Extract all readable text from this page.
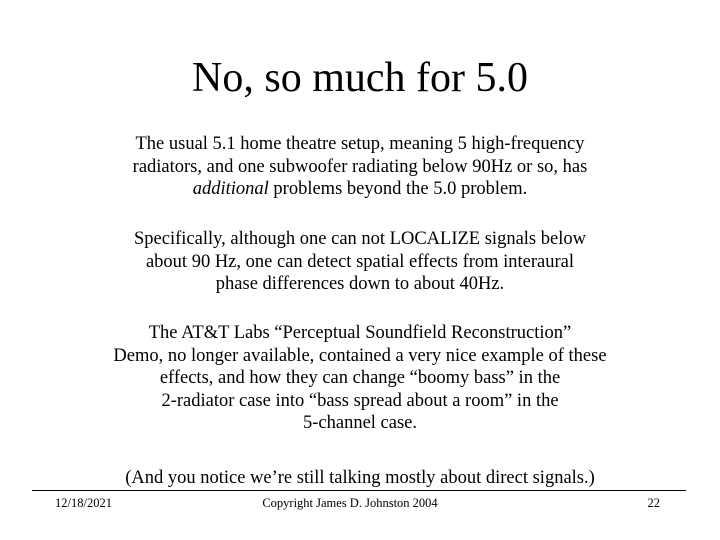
No, so much for 5.0
The usual 5.1 home theatre setup, meaning 5 high-frequency
radiators, and one subwoofer radiating below 90Hz or so, has
additional problems beyond the 5.0 problem.
Specifically, although one can not LOCALIZE signals below
about 90 Hz, one can detect spatial effects from interaural
phase differences down to about 40Hz.
The AT&T Labs “Perceptual Soundfield Reconstruction”
Demo, no longer available, contained a very nice example of these
effects, and how they can change “boomy bass” in the
2-radiator case into “bass spread about a room” in the
5-channel case.
(And you notice we’re still talking mostly about direct signals.)
12/18/2021	Copyright James D. Johnston 2004	22
